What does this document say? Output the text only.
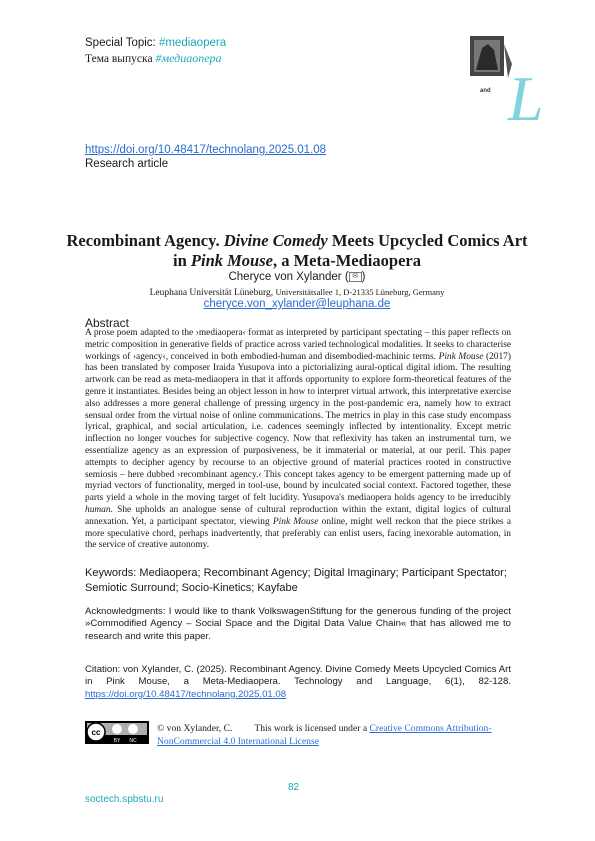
Special Topic: #mediaopera
Тема выпуска #медиаопера
L
and
https://doi.org/10.48417/technolang.2025.01.08
Research article
Recombinant Agency. Divine Comedy Meets Upcycled Comics Art in Pink Mouse, a Meta-Mediaopera
Cheryce von Xylander ( ✉ )
Leuphana Universität Lüneburg, Universitätsallee 1, D-21335 Lüneburg, Germany
cheryce.von_xylander@leuphana.de
Abstract
A prose poem adapted to the ›mediaopera‹ format as interpreted by participant spectating – this paper reflects on metric composition in generative fields of practice across varied technological modalities. It seeks to characterise workings of ›agency‹, conceived in both embodied-human and disembodied-machinic terms. Pink Mouse (2017) has been translated by composer Iraida Yusupova into a pictorializing aural-optical digital idiom. The resulting artwork can be read as meta-mediaopera in that it affords opportunity to explore form-theoretical features of the genre it instantiates. Besides being an object lesson in how to interpret virtual artwork, this interpretative exercise also addresses a more general challenge of pressing urgency in the post-pandemic era, namely how to extract sensual order from the virtual noise of online communications. The metrics in play in this case study encompass lyrical, graphical, and social articulation, i.e. cadences seemingly inflected by intentionality. Except metric inflection no longer vouches for subjective cogency. Now that reflexivity has taken an instrumental turn, we essentialize agency as an expression of purposiveness, be it immaterial or material, at our peril. This paper attempts to decipher agency by recourse to an objective ground of material practices rooted in constructive semiosis – here dubbed ›recombinant agency.‹ This concept takes agency to be emergent patterning made up of myriad vectors of functionality, merged in tool-use, bound by inculcated social context. Factored together, these parts yield a whole in the moving target of felt lucidity. Yusupova's mediaopera holds agency to be irreducibly human. She upholds an analogue sense of cultural reproduction within the extant, digital logics of cultural annexation. Yet, a participant spectator, viewing Pink Mouse online, might well reckon that the piece strikes a more speculative chord, perhaps inadvertently, that preferably can enlist users, facing inexorable automation, in the service of creative autonomy.
Keywords: Mediaopera; Recombinant Agency; Digital Imaginary; Participant Spectator; Semiotic Surround; Socio-Kinetics; Kayfabe
Acknowledgments: I would like to thank VolkswagenStiftung for the generous funding of the project »Commodified Agency – Social Space and the Digital Data Value Chain« that has allowed me to research and write this paper.
Citation: von Xylander, C. (2025). Recombinant Agency. Divine Comedy Meets Upcycled Comics Art in Pink Mouse, a Meta-Mediaopera. Technology and Language, 6(1), 82-128. https://doi.org/10.48417/technolang.2025.01.08
cc
BY NC
© von Xylander, C. This work is licensed under a Creative Commons Attribution-NonCommercial 4.0 International License
82
soctech.spbstu.ru
